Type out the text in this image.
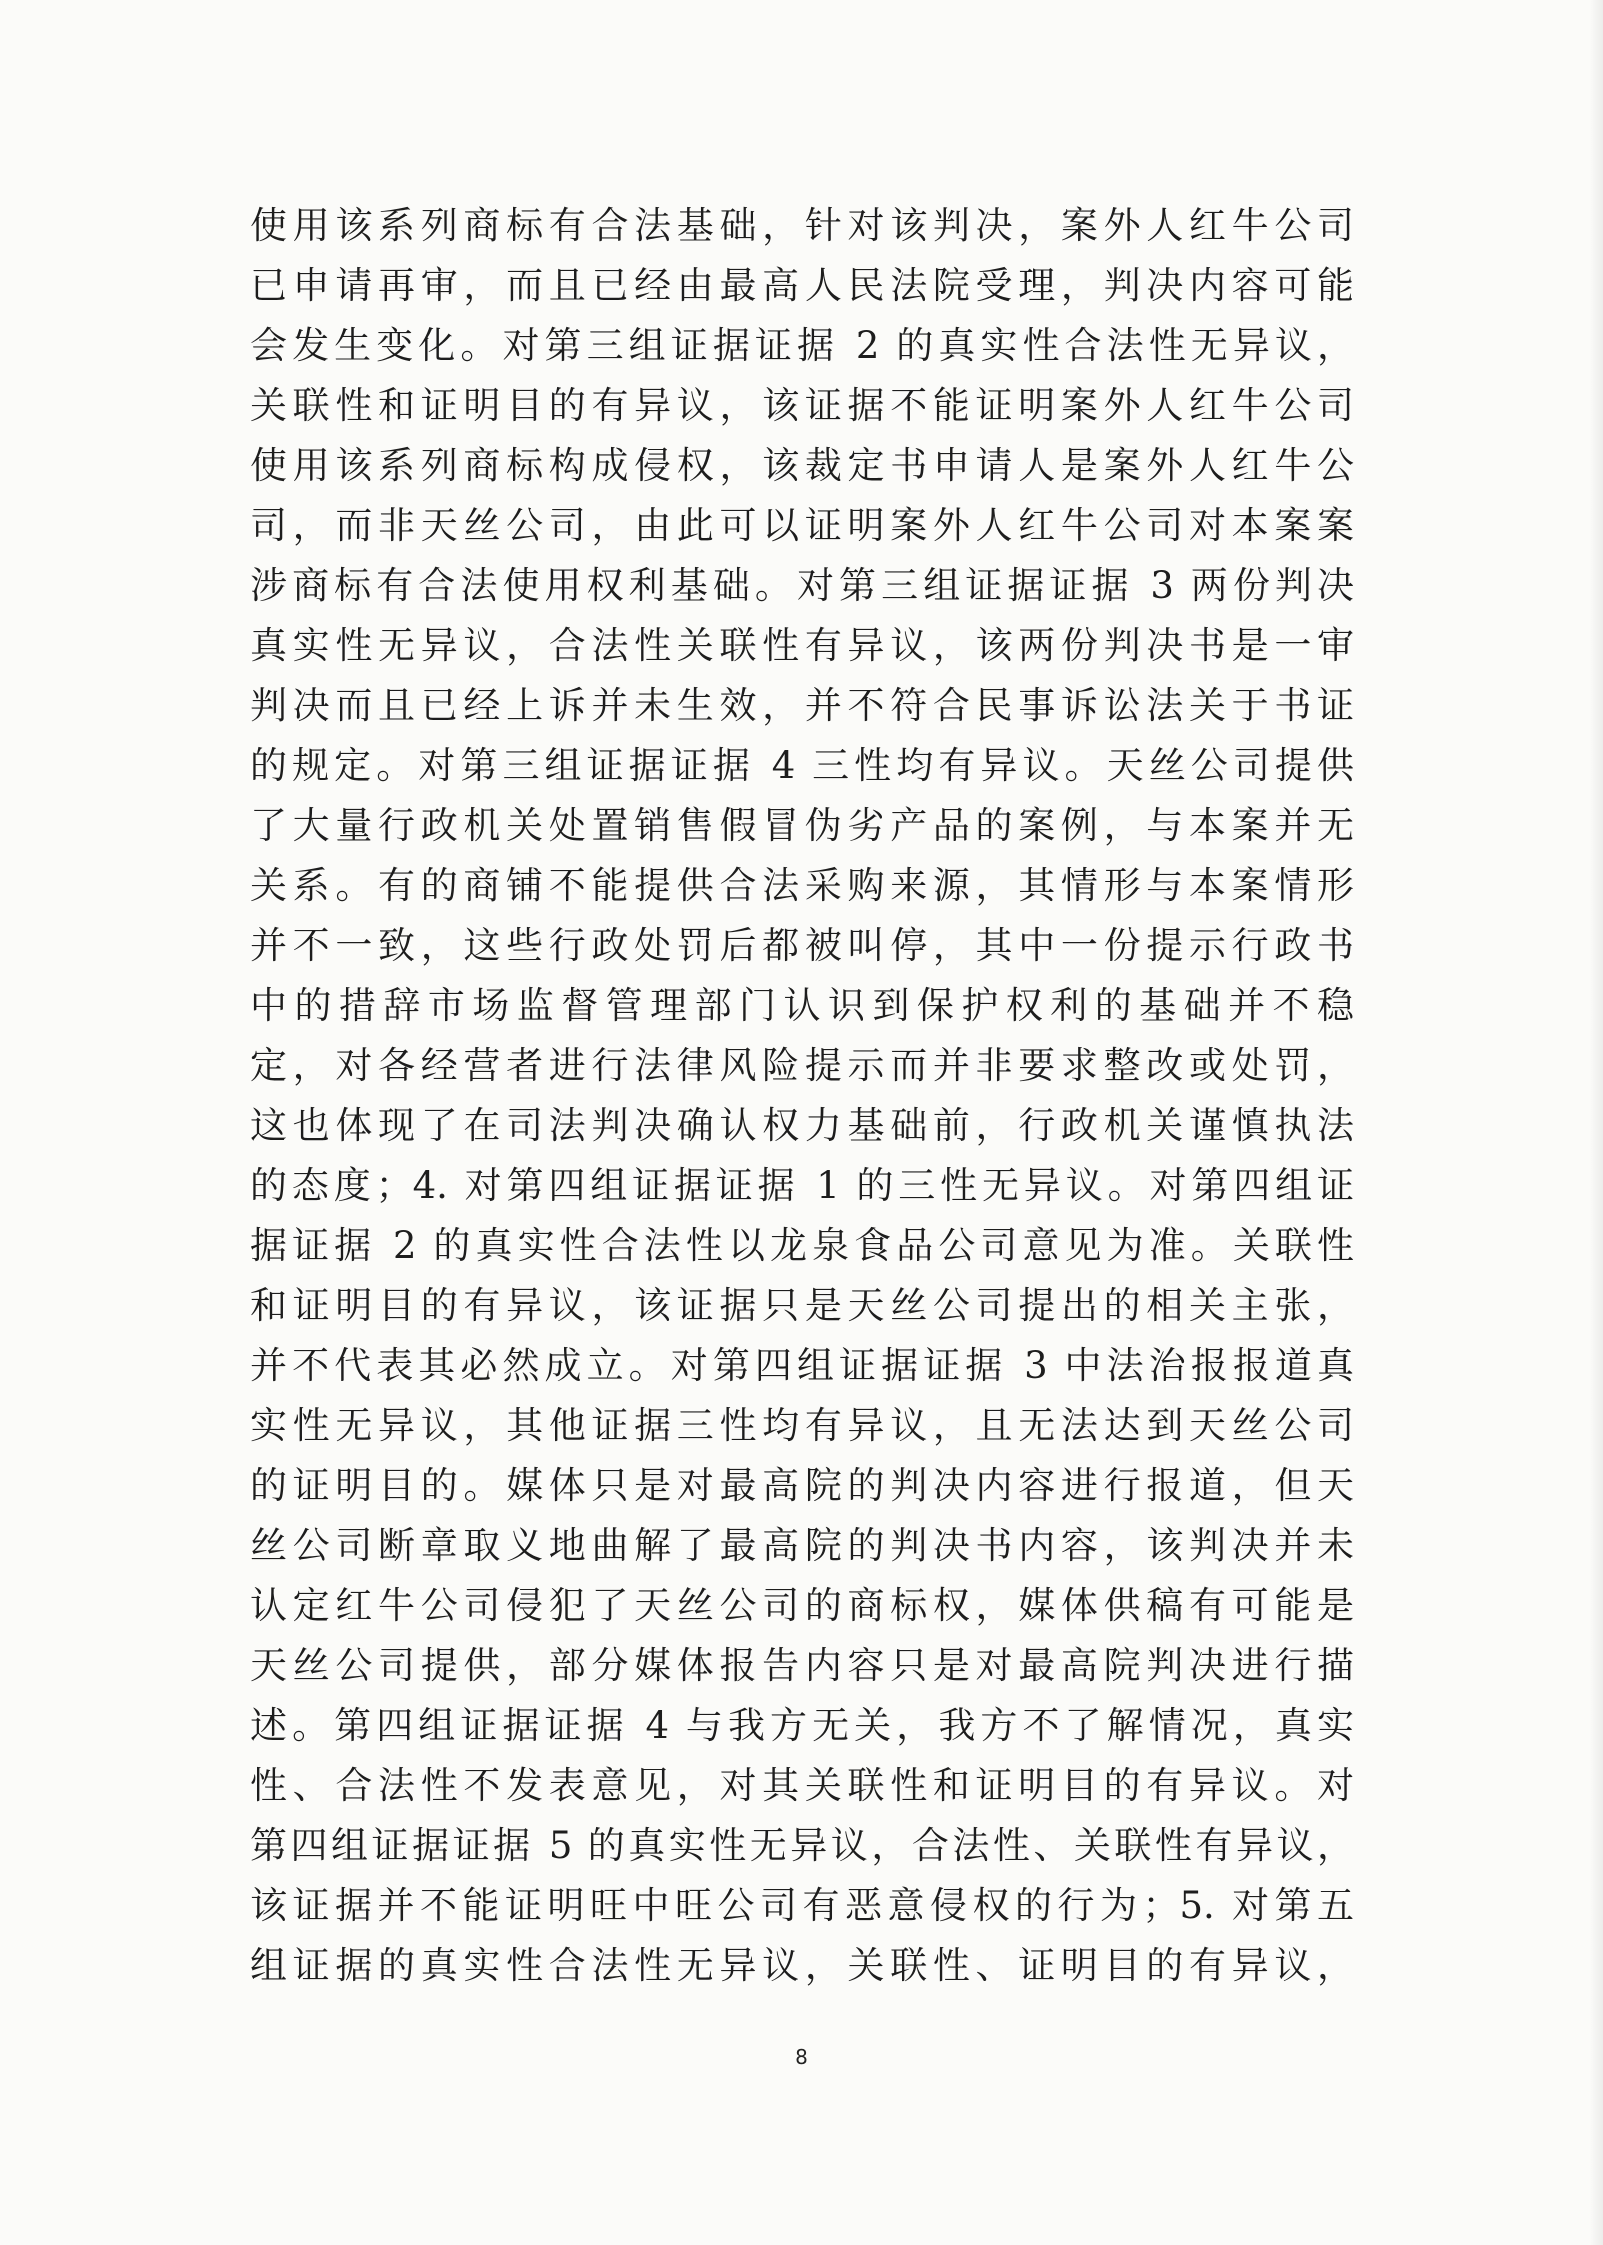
使用该系列商标有合法基础，针对该判决，案外人红牛公司
已申请再审，而且已经由最高人民法院受理，判决内容可能
会发生变化。对第三组证据证据 2 的真实性合法性无异议，
关联性和证明目的有异议，该证据不能证明案外人红牛公司
使用该系列商标构成侵权，该裁定书申请人是案外人红牛公
司，而非天丝公司，由此可以证明案外人红牛公司对本案案
涉商标有合法使用权利基础。对第三组证据证据 3 两份判决
真实性无异议，合法性关联性有异议，该两份判决书是一审
判决而且已经上诉并未生效，并不符合民事诉讼法关于书证
的规定。对第三组证据证据 4 三性均有异议。天丝公司提供
了大量行政机关处置销售假冒伪劣产品的案例，与本案并无
关系。有的商铺不能提供合法采购来源，其情形与本案情形
并不一致，这些行政处罚后都被叫停，其中一份提示行政书
中的措辞市场监督管理部门认识到保护权利的基础并不稳
定，对各经营者进行法律风险提示而并非要求整改或处罚，
这也体现了在司法判决确认权力基础前，行政机关谨慎执法
的态度；4. 对第四组证据证据 1 的三性无异议。对第四组证
据证据 2 的真实性合法性以龙泉食品公司意见为准。关联性
和证明目的有异议，该证据只是天丝公司提出的相关主张，
并不代表其必然成立。对第四组证据证据 3 中法治报报道真
实性无异议，其他证据三性均有异议，且无法达到天丝公司
的证明目的。媒体只是对最高院的判决内容进行报道，但天
丝公司断章取义地曲解了最高院的判决书内容，该判决并未
认定红牛公司侵犯了天丝公司的商标权，媒体供稿有可能是
天丝公司提供，部分媒体报告内容只是对最高院判决进行描
述。第四组证据证据 4 与我方无关，我方不了解情况，真实
性、合法性不发表意见，对其关联性和证明目的有异议。对
第四组证据证据 5 的真实性无异议，合法性、关联性有异议，
该证据并不能证明旺中旺公司有恶意侵权的行为；5. 对第五
组证据的真实性合法性无异议，关联性、证明目的有异议，
8
